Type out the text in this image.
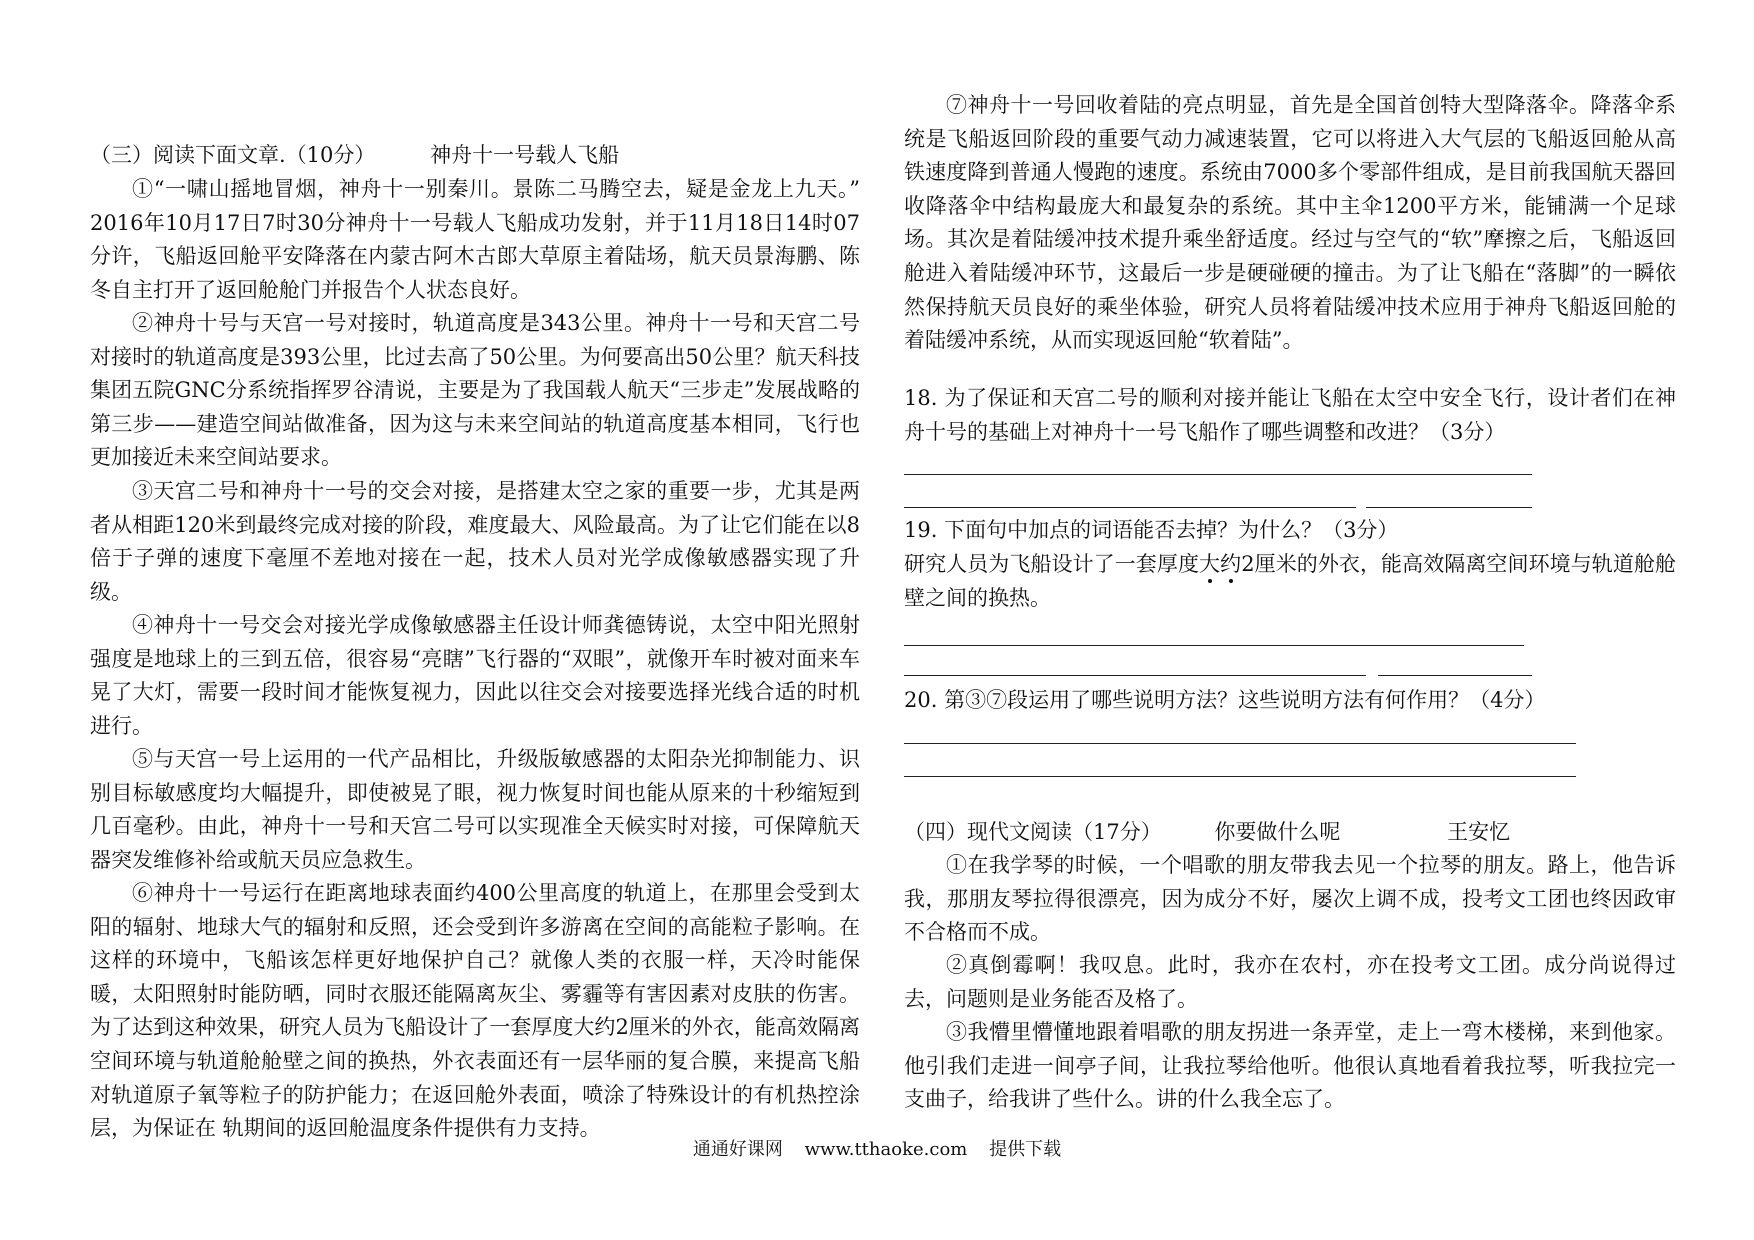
（三）阅读下面文章.（10分）	神舟十一号载人飞船

①“一啸山摇地冒烟，神舟十一别秦川。景陈二马腾空去，疑是金龙上九天。” 2016年10月17日7时30分神舟十一号载人飞船成功发射，并于11月18日14时07分许，飞船返回舱平安降落在内蒙古阿木古郎大草原主着陆场，航天员景海鹏、陈冬自主打开了返回舱舱门并报告个人状态良好。

②神舟十号与天宫一号对接时，轨道高度是343公里。神舟十一号和天宫二号对接时的轨道高度是393公里，比过去高了50公里。为何要高出50公里？航天科技集团五院GNC分系统指挥罗谷清说，主要是为了我国载人航天“三步走”发展战略的第三步——建造空间站做准备，因为这与未来空间站的轨道高度基本相同，飞行也更加接近未来空间站要求。

③天宫二号和神舟十一号的交会对接，是搭建太空之家的重要一步，尤其是两者从相距120米到最终完成对接的阶段，难度最大、风险最高。为了让它们能在以8倍于子弹的速度下毫厘不差地对接在一起，技术人员对光学成像敏感器实现了升级。

④神舟十一号交会对接光学成像敏感器主任设计师龚德铸说，太空中阳光照射强度是地球上的三到五倍，很容易“亮瞎”飞行器的“双眼”，就像开车时被对面来车晃了大灯，需要一段时间才能恢复视力，因此以往交会对接要选择光线合适的时机进行。

⑤与天宫一号上运用的一代产品相比，升级版敏感器的太阳杂光抑制能力、识别目标敏感度均大幅提升，即使被晃了眼，视力恢复时间也能从原来的十秒缩短到几百毫秒。由此，神舟十一号和天宫二号可以实现准全天候实时对接，可保障航天器突发维修补给或航天员应急救生。

⑥神舟十一号运行在距离地球表面约400公里高度的轨道上，在那里会受到太阳的辐射、地球大气的辐射和反照，还会受到许多游离在空间的高能粒子影响。在这样的环境中，飞船该怎样更好地保护自己？就像人类的衣服一样，天冷时能保暖，太阳照射时能防晒，同时衣服还能隔离灰尘、雾霾等有害因素对皮肤的伤害。为了达到这种效果，研究人员为飞船设计了一套厚度大约2厘米的外衣，能高效隔离空间环境与轨道舱舱壁之间的换热，外衣表面还有一层华丽的复合膜，来提高飞船对轨道原子氧等粒子的防护能力；在返回舱外表面，喷涂了特殊设计的有机热控涂层，为保证在 轨期间的返回舱温度条件提供有力支持。

⑦神舟十一号回收着陆的亮点明显，首先是全国首创特大型降落伞。降落伞系统是飞船返回阶段的重要气动力减速装置，它可以将进入大气层的飞船返回舱从高铁速度降到普通人慢跑的速度。系统由7000多个零部件组成，是目前我国航天器回收降落伞中结构最庞大和最复杂的系统。其中主伞1200平方米，能铺满一个足球场。其次是着陆缓冲技术提升乘坐舒适度。经过与空气的“软”摩擦之后，飞船返回舱进入着陆缓冲环节，这最后一步是硬碰硬的撞击。为了让飞船在“落脚”的一瞬依然保持航天员良好的乘坐体验，研究人员将着陆缓冲技术应用于神舟飞船返回舱的着陆缓冲系统，从而实现返回舱“软着陆”。

18. 为了保证和天宫二号的顺利对接并能让飞船在太空中安全飞行，设计者们在神舟十号的基础上对神舟十一号飞船作了哪些调整和改进？（3分）

19. 下面句中加点的词语能否去掉？为什么？（3分）

研究人员为飞船设计了一套厚度大约2厘米的外衣，能高效隔离空间环境与轨道舱舱壁之间的换热。

20. 第③⑦段运用了哪些说明方法？这些说明方法有何作用？（4分）

（四）现代文阅读（17分）	你要做什么呢	王安忆

①在我学琴的时候，一个唱歌的朋友带我去见一个拉琴的朋友。路上，他告诉我，那朋友琴拉得很漂亮，因为成分不好，屡次上调不成，投考文工团也终因政审不合格而不成。

②真倒霉啊！我叹息。此时，我亦在农村，亦在投考文工团。成分尚说得过去，问题则是业务能否及格了。

③我懵里懵懂地跟着唱歌的朋友拐进一条弄堂，走上一弯木楼梯，来到他家。他引我们走进一间亭子间，让我拉琴给他听。他很认真地看着我拉琴，听我拉完一支曲子，给我讲了些什么。讲的什么我全忘了。

通通好课网 www.tthaoke.com 提供下载
